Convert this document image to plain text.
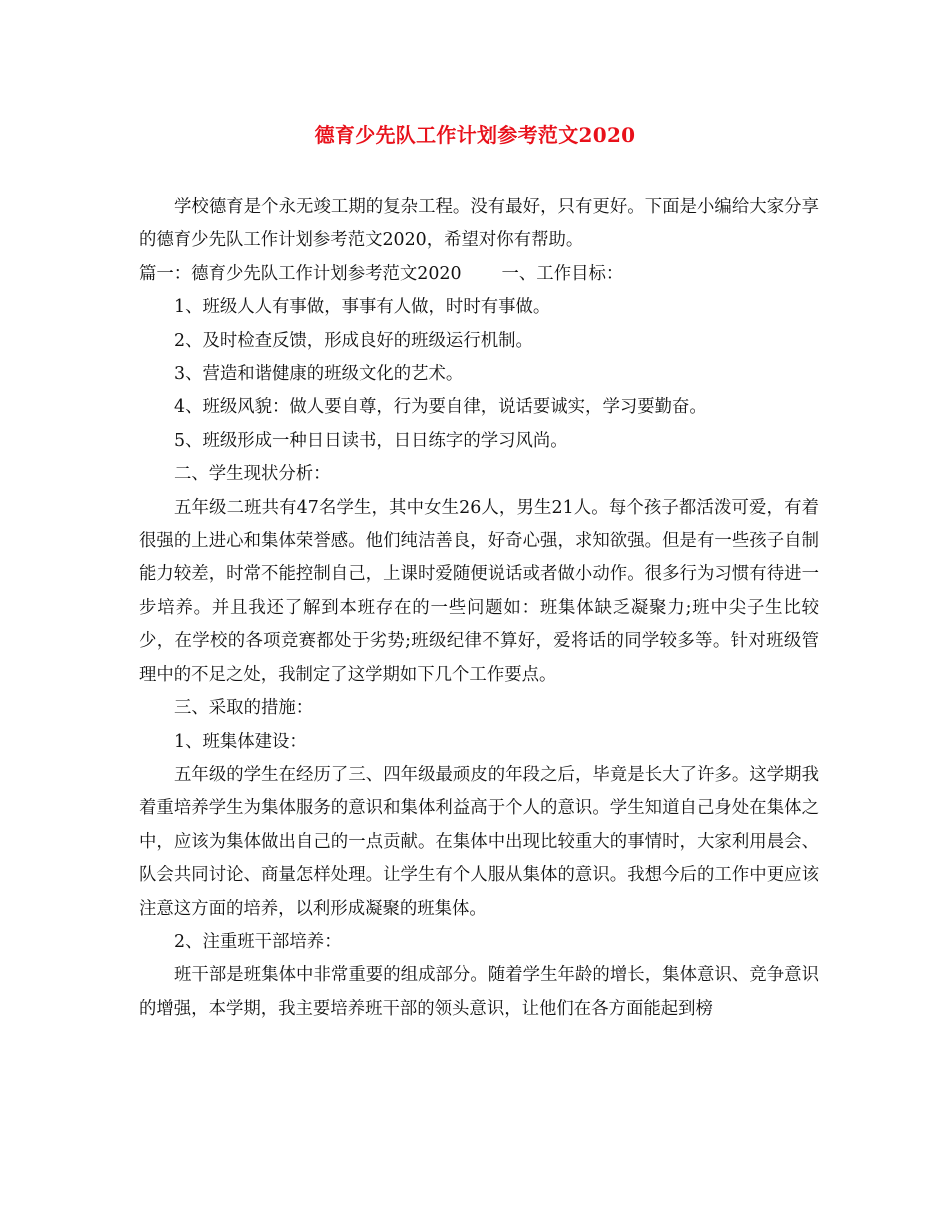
德育少先队工作计划参考范文2020

学校德育是个永无竣工期的复杂工程。没有最好，只有更好。下面是小编给大家分享的德育少先队工作计划参考范文2020，希望对你有帮助。

篇一：德育少先队工作计划参考范文2020 一、工作目标：

1、班级人人有事做，事事有人做，时时有事做。

2、及时检查反馈，形成良好的班级运行机制。

3、营造和谐健康的班级文化的艺术。

4、班级风貌：做人要自尊，行为要自律，说话要诚实，学习要勤奋。

5、班级形成一种日日读书，日日练字的学习风尚。

二、学生现状分析：

五年级二班共有47名学生，其中女生26人，男生21人。每个孩子都活泼可爱，有着很强的上进心和集体荣誉感。他们纯洁善良，好奇心强，求知欲强。但是有一些孩子自制能力较差，时常不能控制自己，上课时爱随便说话或者做小动作。很多行为习惯有待进一步培养。并且我还了解到本班存在的一些问题如：班集体缺乏凝聚力;班中尖子生比较少，在学校的各项竞赛都处于劣势;班级纪律不算好，爱将话的同学较多等。针对班级管理中的不足之处，我制定了这学期如下几个工作要点。

三、采取的措施：

1、班集体建设：

五年级的学生在经历了三、四年级最顽皮的年段之后，毕竟是长大了许多。这学期我着重培养学生为集体服务的意识和集体利益高于个人的意识。学生知道自己身处在集体之中，应该为集体做出自己的一点贡献。在集体中出现比较重大的事情时，大家利用晨会、队会共同讨论、商量怎样处理。让学生有个人服从集体的意识。我想今后的工作中更应该注意这方面的培养，以利形成凝聚的班集体。

2、注重班干部培养：

班干部是班集体中非常重要的组成部分。随着学生年龄的增长，集体意识、竞争意识的增强，本学期，我主要培养班干部的领头意识，让他们在各方面能起到榜
